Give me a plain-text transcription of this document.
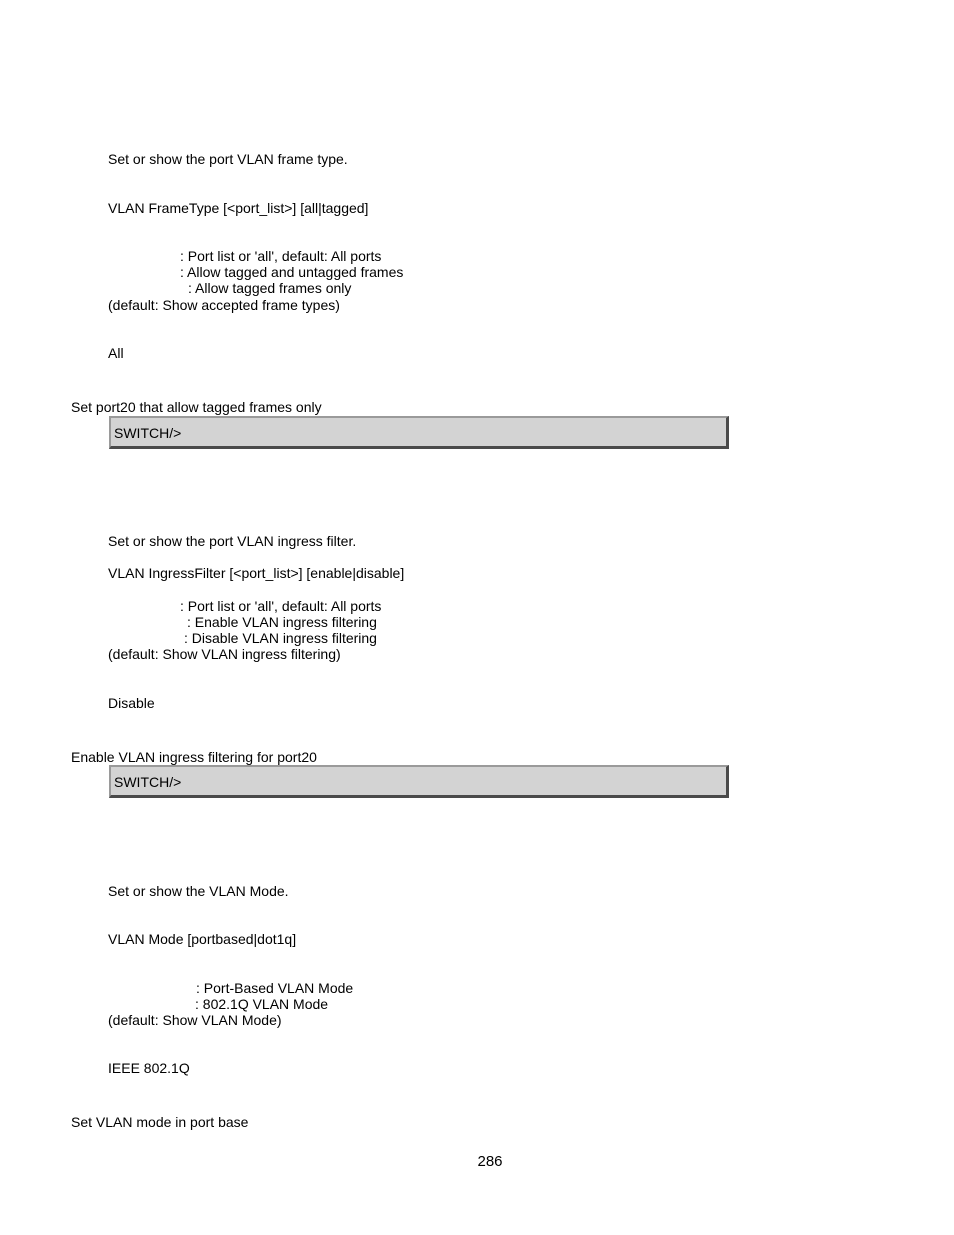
Set or show the port VLAN frame type.

VLAN FrameType [<port_list>] [all|tagged]

: Port list or 'all', default: All ports

: Allow tagged and untagged frames

: Allow tagged frames only

(default: Show accepted frame types)

All

Set port20 that allow tagged frames only

SWITCH/>

Set or show the port VLAN ingress filter.

VLAN IngressFilter [<port_list>] [enable|disable]

: Port list or 'all', default: All ports

: Enable VLAN ingress filtering

: Disable VLAN ingress filtering

(default: Show VLAN ingress filtering)

Disable

Enable VLAN ingress filtering for port20

SWITCH/>

Set or show the VLAN Mode.

VLAN Mode [portbased|dot1q]

: Port-Based VLAN Mode

: 802.1Q VLAN Mode

(default: Show VLAN Mode)

IEEE 802.1Q

Set VLAN mode in port base

286
